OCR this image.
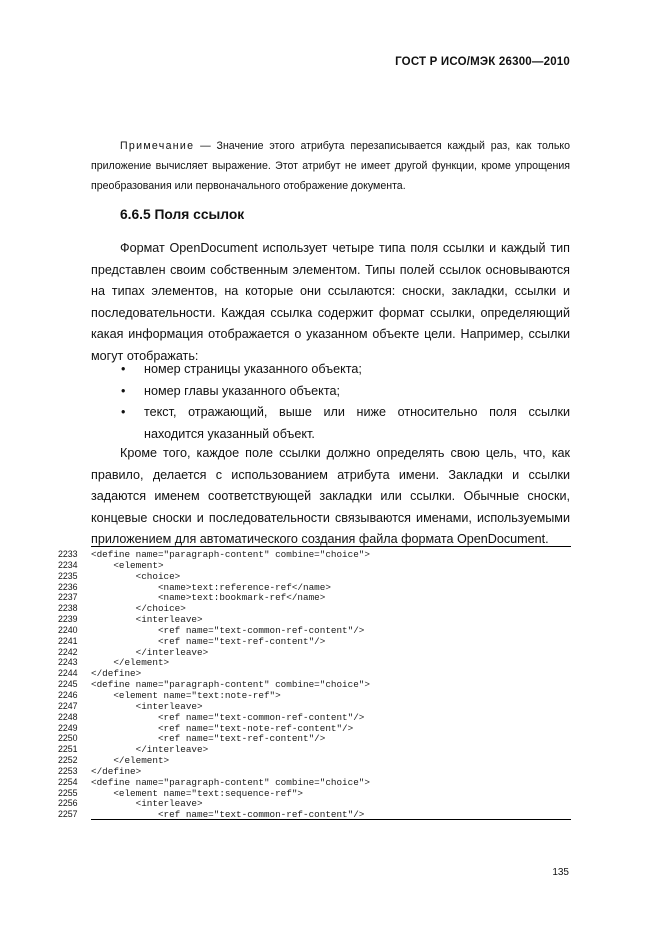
ГОСТ Р ИСО/МЭК 26300—2010
Примечание — Значение этого атрибута перезаписывается каждый раз, как только приложение вычисляет выражение. Этот атрибут не имеет другой функции, кроме упрощения преобразования или первоначального отображение документа.
6.6.5 Поля ссылок

Формат OpenDocument использует четыре типа поля ссылки и каждый тип представлен своим собственным элементом. Типы полей ссылок основываются на типах элементов, на которые они ссылаются: сноски, закладки, ссылки и последовательности. Каждая ссылка содержит формат ссылки, определяющий какая информация отображается о указанном объекте цели. Например, ссылки могут отображать:

• номер страницы указанного объекта;
• номер главы указанного объекта;
• текст, отражающий, выше или ниже относительно поля ссылки находится указанный объект.

Кроме того, каждое поле ссылки должно определять свою цель, что, как правило, делается с использованием атрибута имени. Закладки и ссылки задаются именем соответствующей закладки или ссылки. Обычные сноски, концевые сноски и последовательности связываются именами, используемыми приложением для автоматического создания файла формата OpenDocument.

2233 <define name="paragraph-content" combine="choice">
2234    <element>
2235        <choice>
2236            <name>text:reference-ref</name>
2237            <name>text:bookmark-ref</name>
2238        </choice>
2239        <interleave>
2240            <ref name="text-common-ref-content"/>
2241            <ref name="text-ref-content"/>
2242        </interleave>
2243    </element>
2244 </define>
2245 <define name="paragraph-content" combine="choice">
2246    <element name="text:note-ref">
2247        <interleave>
2248            <ref name="text-common-ref-content"/>
2249            <ref name="text-note-ref-content"/>
2250            <ref name="text-ref-content"/>
2251        </interleave>
2252    </element>
2253 </define>
2254 <define name="paragraph-content" combine="choice">
2255    <element name="text:sequence-ref">
2256        <interleave>
2257            <ref name="text-common-ref-content"/>
135
